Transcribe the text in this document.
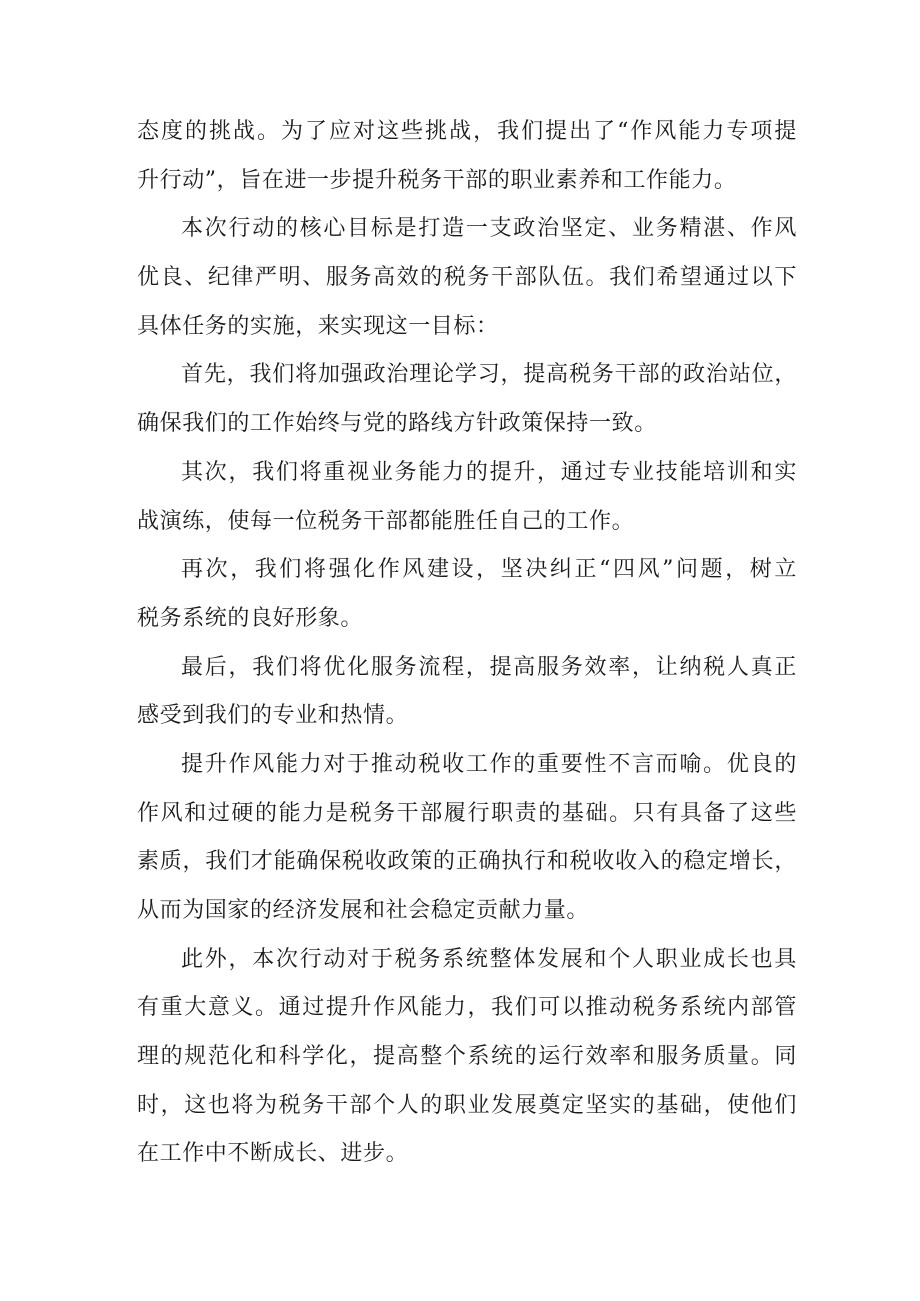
态度的挑战。为了应对这些挑战，我们提出了“作风能力专项提
升行动”，旨在进一步提升税务干部的职业素养和工作能力。
本次行动的核心目标是打造一支政治坚定、业务精湛、作风
优良、纪律严明、服务高效的税务干部队伍。我们希望通过以下
具体任务的实施，来实现这一目标：
首先，我们将加强政治理论学习，提高税务干部的政治站位，
确保我们的工作始终与党的路线方针政策保持一致。
其次，我们将重视业务能力的提升，通过专业技能培训和实
战演练，使每一位税务干部都能胜任自己的工作。
再次，我们将强化作风建设，坚决纠正“四风”问题，树立
税务系统的良好形象。
最后，我们将优化服务流程，提高服务效率，让纳税人真正
感受到我们的专业和热情。
提升作风能力对于推动税收工作的重要性不言而喻。优良的
作风和过硬的能力是税务干部履行职责的基础。只有具备了这些
素质，我们才能确保税收政策的正确执行和税收收入的稳定增长，
从而为国家的经济发展和社会稳定贡献力量。
此外，本次行动对于税务系统整体发展和个人职业成长也具
有重大意义。通过提升作风能力，我们可以推动税务系统内部管
理的规范化和科学化，提高整个系统的运行效率和服务质量。同
时，这也将为税务干部个人的职业发展奠定坚实的基础，使他们
在工作中不断成长、进步。
